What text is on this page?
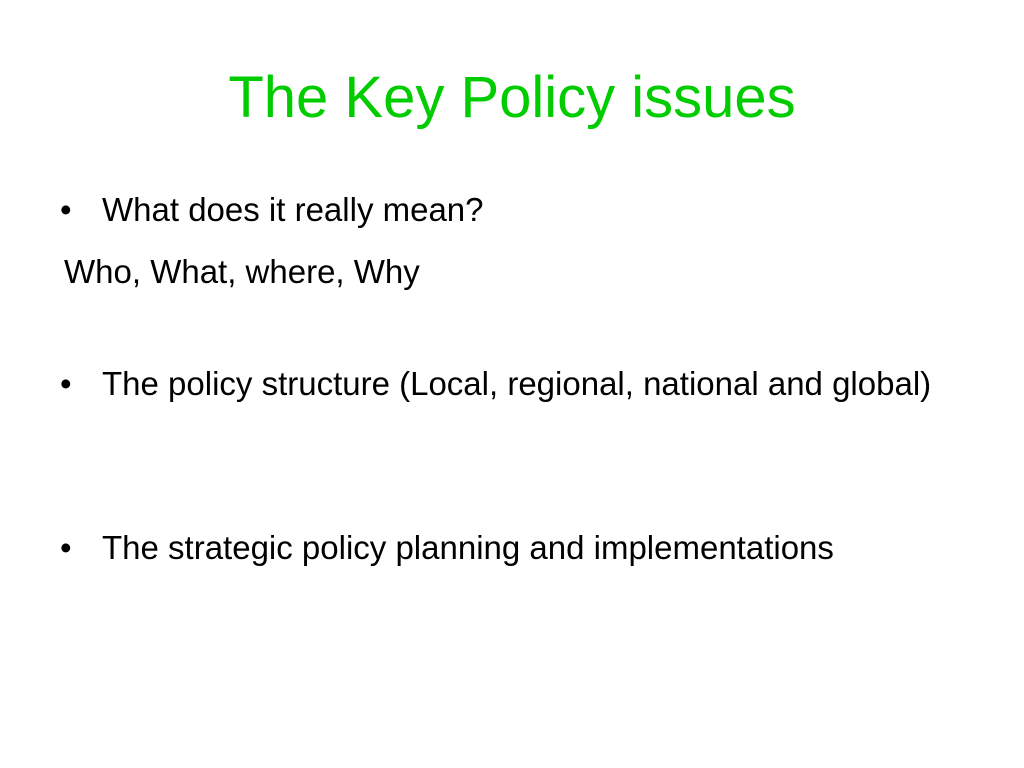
The Key Policy issues
• What does it really mean?

Who, What, where, Why

• The policy structure (Local, regional, national and global)
• The strategic policy planning and implementations
